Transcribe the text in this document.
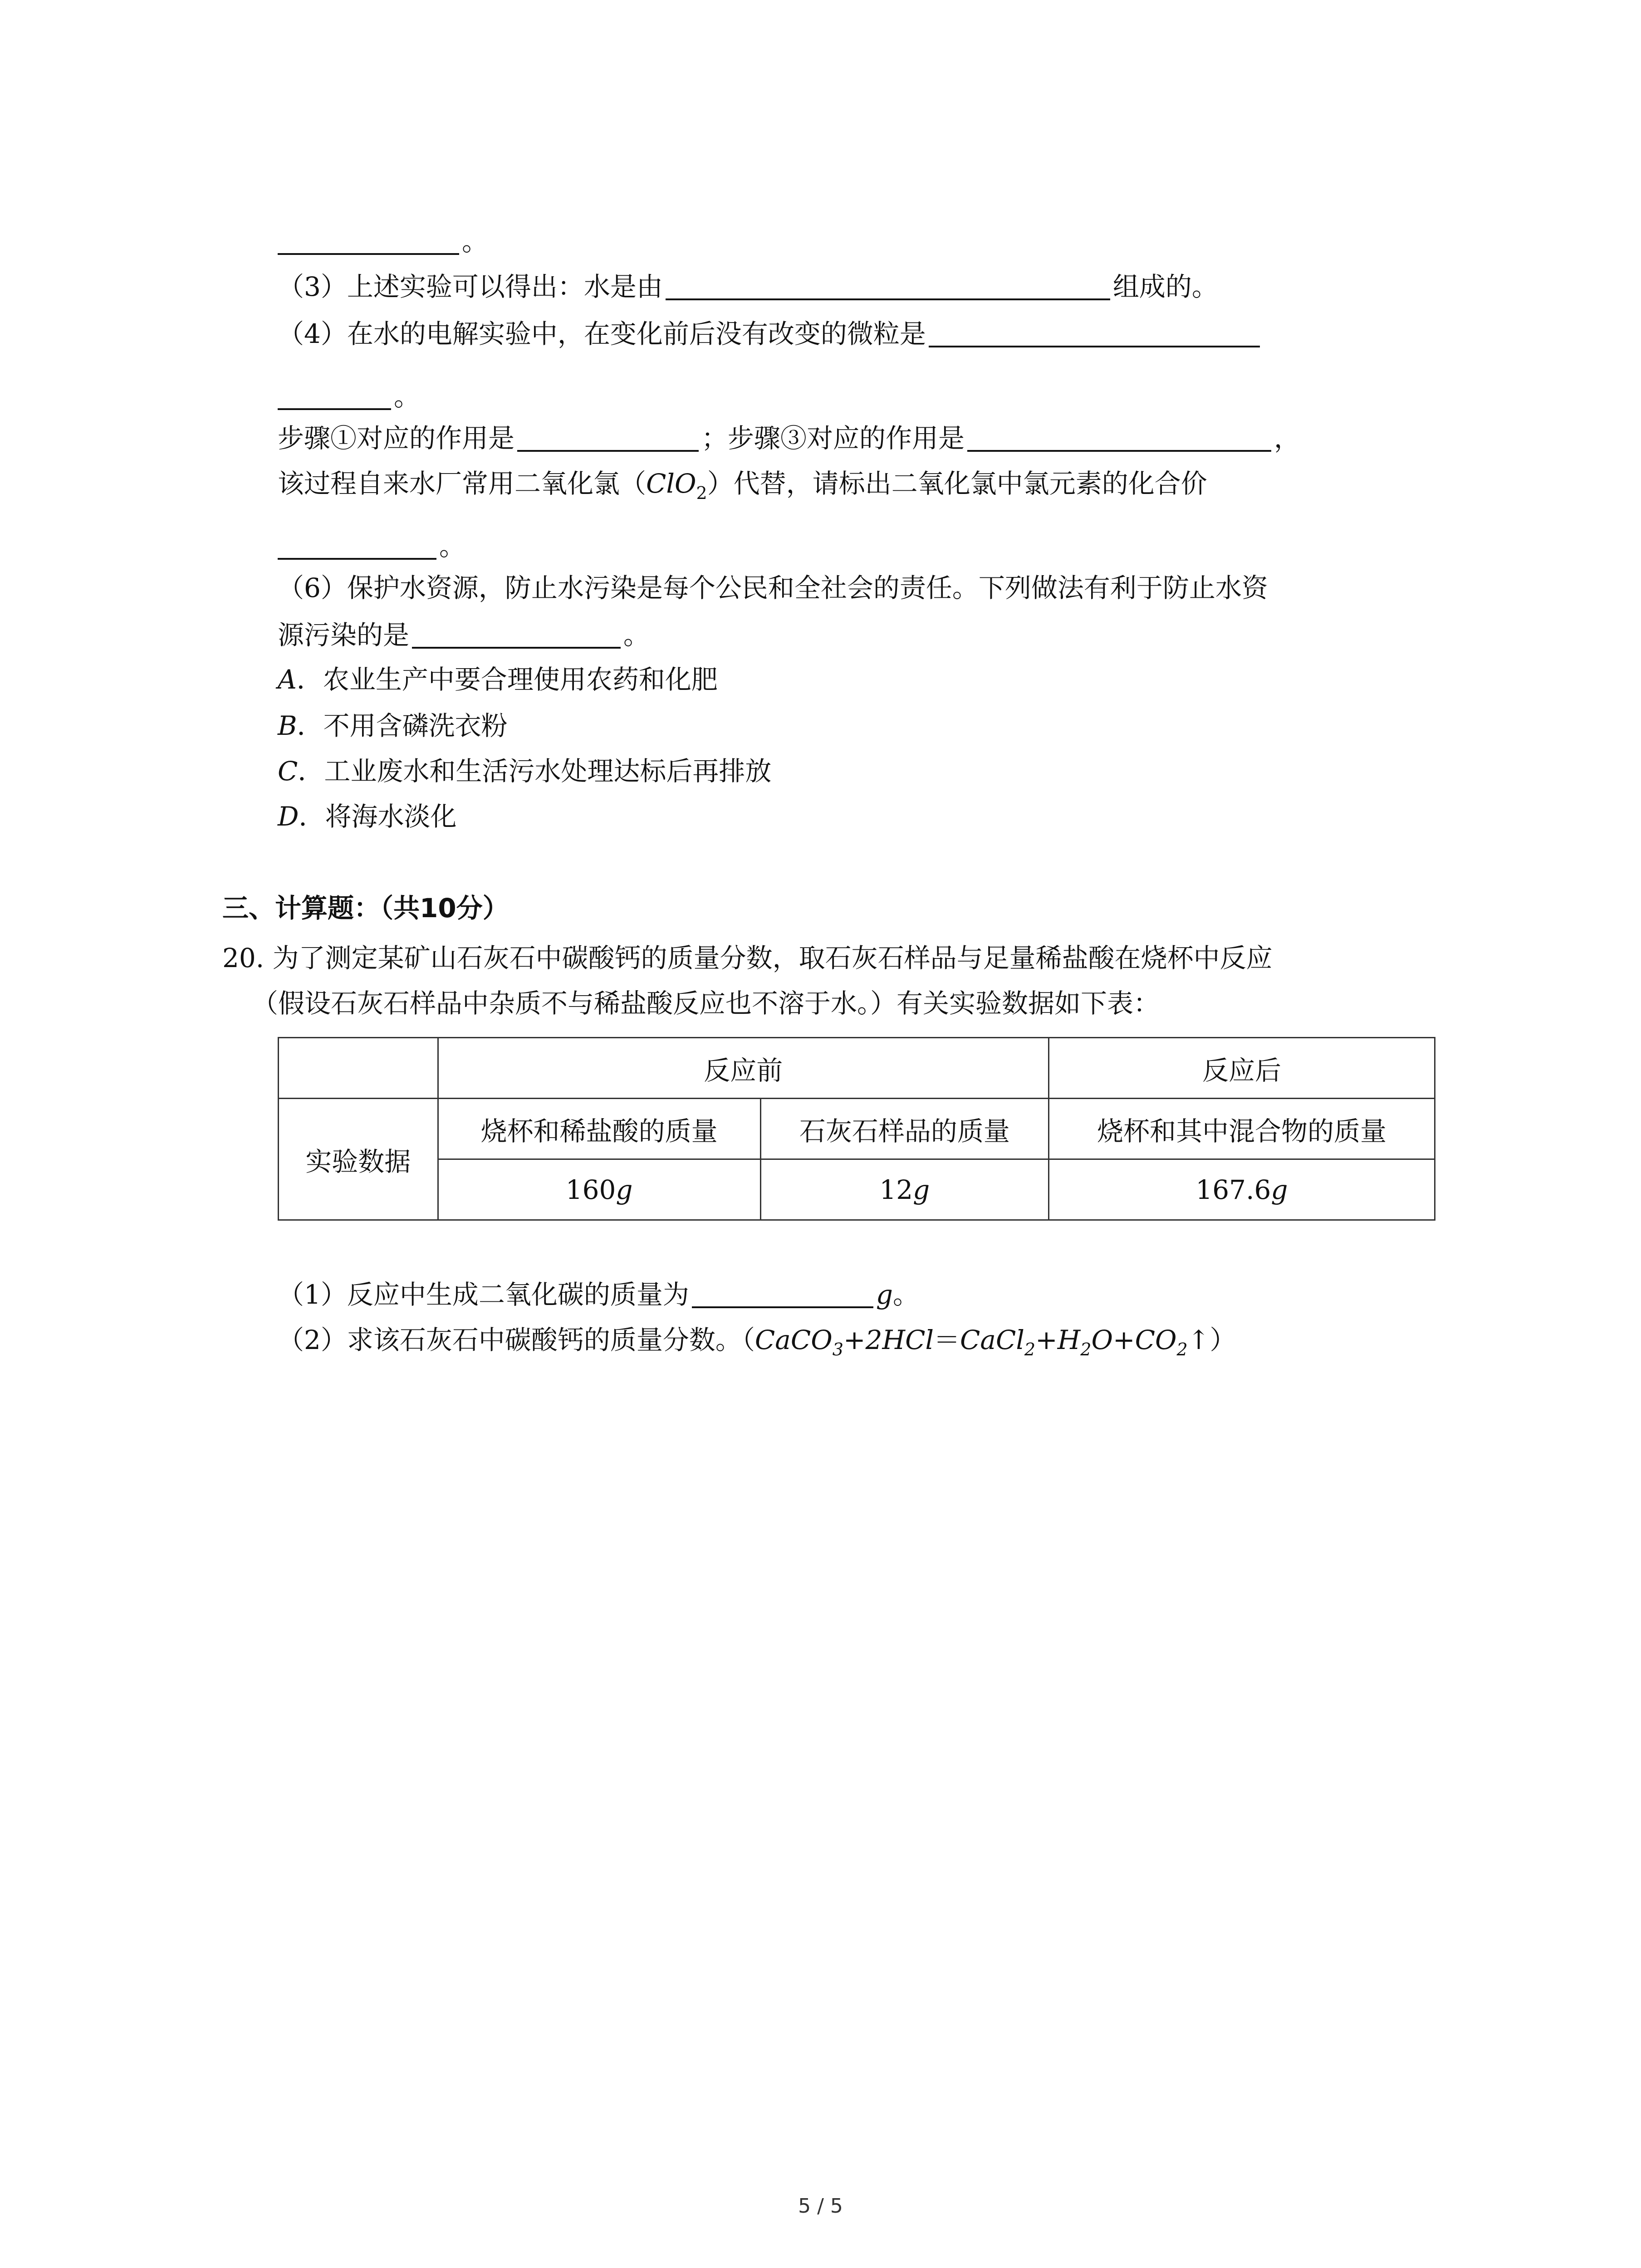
。
（3）上述实验可以得出：水是由	组成的。
（4）在水的电解实验中，在变化前后没有改变的微粒是
。
步骤①对应的作用是	；步骤③对应的作用是	，
该过程自来水厂常用二氧化氯（ClO$_2$）代替，请标出二氧化氯中氯元素的化合价
。
（6）保护水资源，防止水污染是每个公民和全社会的责任。下列做法有利于防止水资
源污染的是	。
A．农业生产中要合理使用农药和化肥
B．不用含磷洗衣粉
C．工业废水和生活污水处理达标后再排放
D．将海水淡化
三、计算题：（共10分）
20. 为了测定某矿山石灰石中碳酸钙的质量分数，取石灰石样品与足量稀盐酸在烧杯中反应
（假设石灰石样品中杂质不与稀盐酸反应也不溶于水。）有关实验数据如下表：
	反应前		反应后
实验数据	烧杯和稀盐酸的质量	石灰石样品的质量	烧杯和其中混合物的质量
	160g	12g	167.6g
（1）反应中生成二氧化碳的质量为	g。
（2）求该石灰石中碳酸钙的质量分数。$(CaCO_3+2HCl=CaCl_2+H_2O+CO_2↑)$
5 / 5
